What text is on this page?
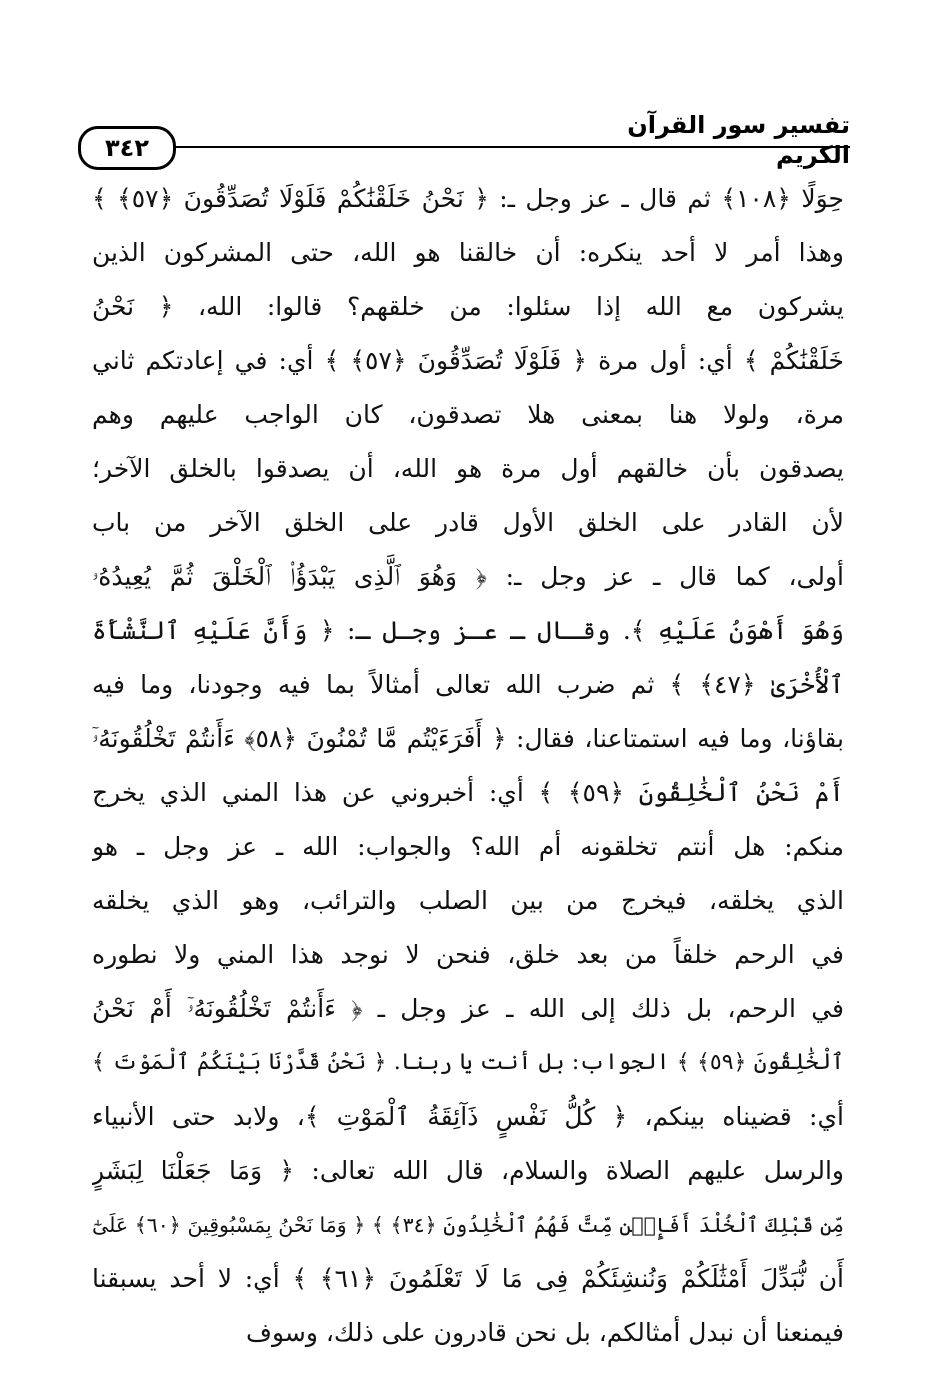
تفسير سور القرآن الكريم
٣٤٢
حِوَلًا ﴿١٠٨﴾ ثم قال ـ عز وجل ـ: ﴿ نَحْنُ خَلَقْنَٰكُمْ فَلَوْلَا تُصَدِّقُونَ ﴿٥٧﴾ ﴾
وهذا أمر لا أحد ينكره: أن خالقنا هو الله، حتى المشركون الذين
يشركون مع الله إذا سئلوا: من خلقهم؟ قالوا: الله، ﴿ نَحْنُ
خَلَقْنَٰكُمْ ﴾ أي: أول مرة ﴿ فَلَوْلَا تُصَدِّقُونَ ﴿٥٧﴾ ﴾ أي: في إعادتكم ثاني
مرة، ولولا هنا بمعنى هلا تصدقون، كان الواجب عليهم وهم
يصدقون بأن خالقهم أول مرة هو الله، أن يصدقوا بالخلق الآخر؛
لأن القادر على الخلق الأول قادر على الخلق الآخر من باب
أولى، كما قال ـ عز وجل ـ: ﴿ وَهُوَ ٱلَّذِى يَبْدَؤُا۟ ٱلْخَلْقَ ثُمَّ يُعِيدُهُۥ
وَهُوَ أَهْوَنُ عَلَيْهِ ﴾. وقـال ـ عـز وجـل ـ: ﴿ وَأَنَّ عَلَيْهِ ٱلنَّشْأَةَ
ٱلْأُخْرَىٰ ﴿٤٧﴾ ﴾ ثم ضرب الله تعالى أمثالاً بما فيه وجودنا، وما فيه
بقاؤنا، وما فيه استمتاعنا، فقال: ﴿ أَفَرَءَيْتُم مَّا تُمْنُونَ ﴿٥٨﴾ ءَأَنتُمْ تَخْلُقُونَهُۥٓ
أَمْ نَحْنُ ٱلْخَٰلِقُونَ ﴿٥٩﴾ ﴾ أي: أخبروني عن هذا المني الذي يخرج
منكم: هل أنتم تخلقونه أم الله؟ والجواب: الله ـ عز وجل ـ هو
الذي يخلقه، فيخرج من بين الصلب والترائب، وهو الذي يخلقه
في الرحم خلقاً من بعد خلق، فنحن لا نوجد هذا المني ولا نطوره
في الرحم، بل ذلك إلى الله ـ عز وجل ـ ﴿ ءَأَنتُمْ تَخْلُقُونَهُۥٓ أَمْ نَحْنُ
ٱلْخَٰلِقُونَ ﴿٥٩﴾ ﴾ الجواب: بل أنت يا ربنا. ﴿ نَحْنُ قَدَّرْنَا بَيْنَكُمُ ٱلْمَوْتَ ﴾
أي: قضيناه بينكم، ﴿ كُلُّ نَفْسٍ ذَآئِقَةُ ٱلْمَوْتِ ﴾، ولابد حتى الأنبياء
والرسل عليهم الصلاة والسلام، قال الله تعالى: ﴿ وَمَا جَعَلْنَا لِبَشَرٍ
مِّن قَبْلِكَ ٱلْخُلْدَ أَفَإِي۟ن مِّتَّ فَهُمُ ٱلْخَٰلِدُونَ ﴿٣٤﴾ ﴾ ﴿ وَمَا نَحْنُ بِمَسْبُوقِينَ ﴿٦٠﴾ عَلَىٰٓ
أَن نُّبَدِّلَ أَمْثَٰلَكُمْ وَنُنشِئَكُمْ فِى مَا لَا تَعْلَمُونَ ﴿٦١﴾ ﴾ أي: لا أحد يسبقنا
فيمنعنا أن نبدل أمثالكم، بل نحن قادرون على ذلك، وسوف
